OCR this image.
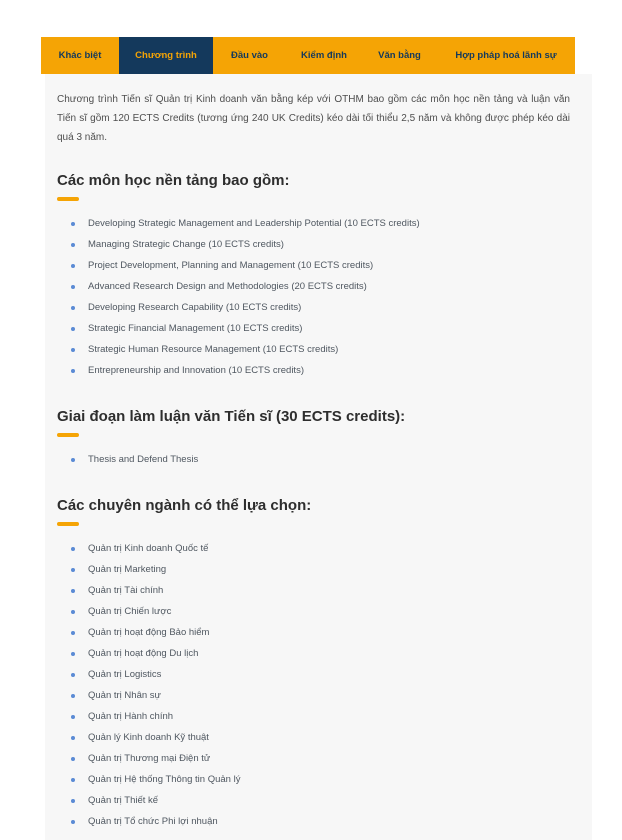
Khác biệt	Chương trình	Đầu vào	Kiểm định	Văn bằng	Hợp pháp hoá lãnh sự

Chương trình Tiến sĩ Quản trị Kinh doanh văn bằng kép với OTHM bao gồm các môn học nền tảng và luận văn Tiến sĩ gồm 120 ECTS Credits (tương ứng 240 UK Credits) kéo dài tối thiểu 2,5 năm và không được phép kéo dài quá 3 năm.

Các môn học nền tảng bao gồm:
Developing Strategic Management and Leadership Potential (10 ECTS credits)
Managing Strategic Change (10 ECTS credits)
Project Development, Planning and Management (10 ECTS credits)
Advanced Research Design and Methodologies (20 ECTS credits)
Developing Research Capability (10 ECTS credits)
Strategic Financial Management (10 ECTS credits)
Strategic Human Resource Management (10 ECTS credits)
Entrepreneurship and Innovation (10 ECTS credits)
Giai đoạn làm luận văn Tiến sĩ (30 ECTS credits):
Thesis and Defend Thesis
Các chuyên ngành có thể lựa chọn:
Quản trị Kinh doanh Quốc tế
Quản trị Marketing
Quản trị Tài chính
Quản trị Chiến lược
Quản trị hoạt động Bảo hiểm
Quản trị hoạt động Du lịch
Quản trị Logistics
Quản trị Nhân sự
Quản trị Hành chính
Quản lý Kinh doanh Kỹ thuật
Quản trị Thương mại Điện tử
Quản trị Hệ thống Thông tin Quản lý
Quản trị Thiết kế
Quản trị Tổ chức Phi lợi nhuận
